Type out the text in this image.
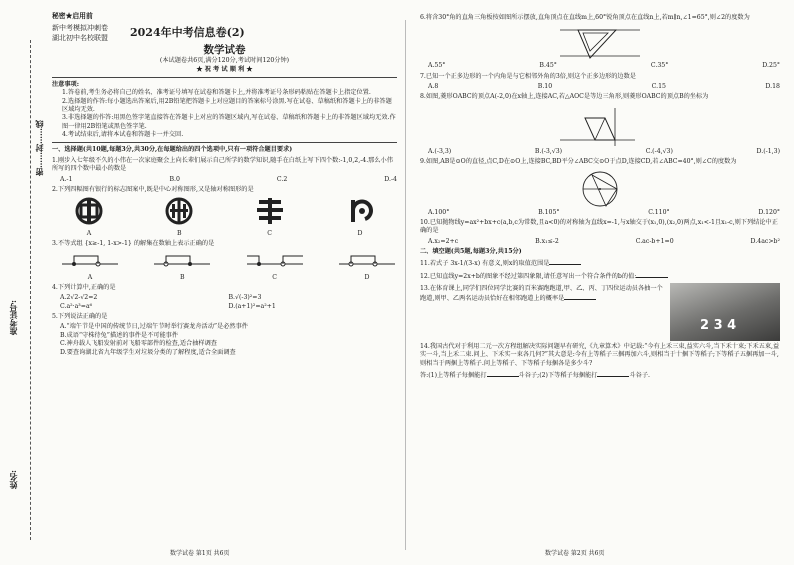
姓名:
准考证号:
密……封……线
秘密★启用前
新中考模拟冲刺卷
湖北初中名校联盟 2024年中考信息卷(2)
数学试卷
(本试题卷共6页,满分120分,考试时间120分钟)
★ 祝 考 试 顺 利 ★
注意事项:
1.答卷前,考生务必将自己的姓名、准考证号填写在试卷和答题卡上,并将准考证号条形码粘贴在答题卡上指定位置.
2.选择题的作答:每小题选出答案后,用2B铅笔把答题卡上对应题目的答案标号涂黑.写在试卷、草稿纸和答题卡上的非答题区域均无效.
3.非选择题的作答:用黑色签字笔直接答在答题卡上对应的答题区域内,写在试卷、草稿纸和答题卡上的非答题区域均无效.作图一律用2B铅笔或黑色签字笔.
4.考试结束后,请将本试卷和答题卡一并交回.
一、选择题(共10题,每题3分,共30分,在每题给出的四个选项中,只有一项符合题目要求)
1.刚步入七年级不久的小伟在一次家庭聚会上向长辈们展示自己所学的数学知识,随手在白纸上写下四个数:-1,0,2,-4.那么小伟所写的四个数中最小的数是
A.-1	B.0	C.2	D.-4
2.下列四幅图有银行的标志图案中,既是中心对称图形,又是轴对称图形的是
A	B	C	D
3.不等式组 {x≥-1, 1-x>-1} 的解集在数轴上表示正确的是
A	B	C	D
4.下列计算中,正确的是
A.2√2-√2=2	B.√(-3)²=3
C.a²·a³=a⁶	D.(a+1)²=a²+1
5.下列说法正确的是
A.“端午节是中国的传统节日,过端午节时举行赛龙舟活动”是必然事件
B.成语“守株待兔”描述的事件是不可能事件
C.神舟载人飞船发射前对飞船零部件的检查,适合抽样调查
D.要查询湖北省九年级学生对垃圾分类的了解程度,适合全面调查
数学试卷 第1页 共6页
6.将含30°角的直角三角板按如图所示摆放,直角顶点在直线m上,60°锐角顶点在直线n上,若m∥n,∠1=65°,则∠2的度数为
A.55°	B.45°	C.35°	D.25°
7.已知一个正多边形的一个内角是与它相邻外角的3倍,则这个正多边形的边数是
A.8	B.10	C.15	D.18
8.如图,菱形OABC的顶点A(-2,0)在x轴上,连接AC,若△AOC是等边三角形,则菱形OABC的顶点B的坐标为
A.(-3,3)	B.(-3,√3)	C.(-4,√3)	D.(-1,3)
9.如图,AB是⊙O的直径,点C,D在⊙O上,连接BC,BD平分∠ABC交⊙O于点D,连接CD,若∠ABC=40°,则∠C的度数为
A.100°	B.105°	C.110°	D.120°
10.已知抛物线y=ax²+bx+c(a,b,c为常数,且a<0)的对称轴为直线x=-1,与x轴交于(x₁,0),(x₂,0)两点,x₁<-1且x₁-c,则下列结论中正确的是
A.x₂=2+c	B.x₁≤-2	C.ac-b+1=0	D.4ac>b²
二、填空题(共5题,每题3分,共15分)
11.若式子 3x-1/(3-x) 有意义,则x的取值范围是
12.已知直线y=2x+b的图象不经过第四象限,请任意写出一个符合条件的b的值:
13.在体育课上,同学们四位同学比赛的百米赛跑跑道,甲、乙、丙、丁四位运动员各抽一个跑道,则甲、乙两名运动员恰好在相邻跑道上的概率是
2 3 4
14.我国古代对于利用二元一次方程组解决实际问题早有研究,《九章算术》中记载:“今有上禾三束,益实六斗,当下禾十束;下禾五束,益实一斗,当上禾二束.问上、下禾实一束各几何?”其大意是:今有上等稻子三捆再加六斗,则相当于十捆下等稻子;下等稻子五捆再加一斗,则相当于两捆上等稻子.问上等稻子、下等稻子每捆各是多少斗?
答:(1)上等稻子每捆能打	斗谷子;(2)下等稻子每捆能打	斗谷子.
数学试卷 第2页 共6页
